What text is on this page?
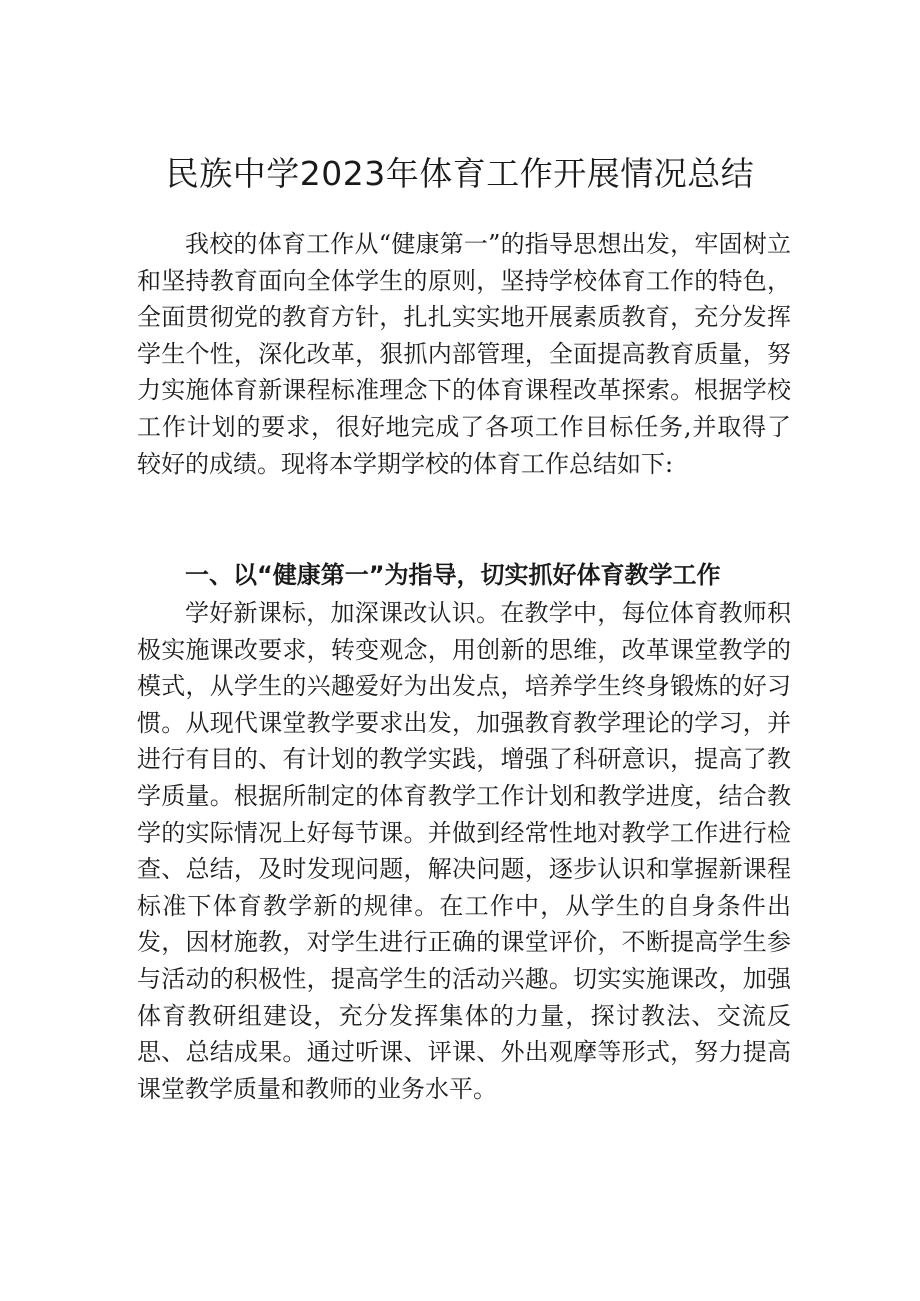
民族中学2023年体育工作开展情况总结

我校的体育工作从“健康第一”的指导思想出发，牢固树立和坚持教育面向全体学生的原则，坚持学校体育工作的特色，全面贯彻党的教育方针，扎扎实实地开展素质教育，充分发挥学生个性，深化改革，狠抓内部管理，全面提高教育质量，努力实施体育新课程标准理念下的体育课程改革探索。根据学校工作计划的要求，很好地完成了各项工作目标任务,并取得了较好的成绩。现将本学期学校的体育工作总结如下:

一、以“健康第一”为指导，切实抓好体育教学工作

学好新课标，加深课改认识。在教学中，每位体育教师积极实施课改要求，转变观念，用创新的思维，改革课堂教学的模式，从学生的兴趣爱好为出发点，培养学生终身锻炼的好习惯。从现代课堂教学要求出发，加强教育教学理论的学习，并进行有目的、有计划的教学实践，增强了科研意识，提高了教学质量。根据所制定的体育教学工作计划和教学进度，结合教学的实际情况上好每节课。并做到经常性地对教学工作进行检查、总结，及时发现问题，解决问题，逐步认识和掌握新课程标准下体育教学新的规律。在工作中，从学生的自身条件出发，因材施教，对学生进行正确的课堂评价，不断提高学生参与活动的积极性，提高学生的活动兴趣。切实实施课改，加强体育教研组建设，充分发挥集体的力量，探讨教法、交流反思、总结成果。通过听课、评课、外出观摩等形式，努力提高课堂教学质量和教师的业务水平。
